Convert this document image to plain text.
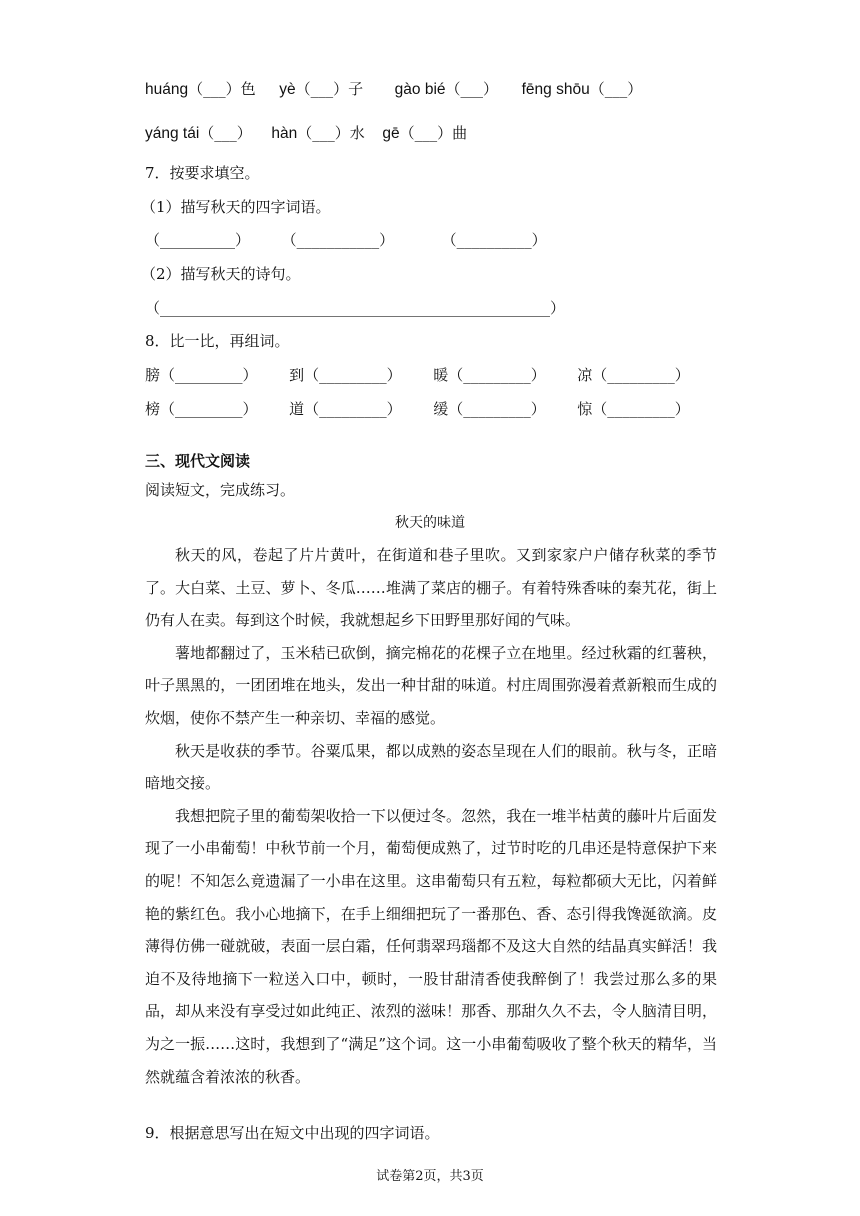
huáng（___）色 yè（___）子 gào bié（___） fēng shōu（___）
yáng tái（___） hàn（___）水 gē（___）曲
7．按要求填空。
（1）描写秋天的四字词语。
（__________） （___________）	（__________）
（2）描写秋天的诗句。
（____________________________________________________）
8．比一比，再组词。
膀（_________） 到（_________） 暖（_________） 凉（_________）
榜（_________） 道（_________） 缓（_________） 惊（_________）
三、现代文阅读
阅读短文，完成练习。
秋天的味道

秋天的风，卷起了片片黄叶，在街道和巷子里吹。又到家家户户储存秋菜的季节了。大白菜、土豆、萝卜、冬瓜……堆满了菜店的棚子。有着特殊香味的秦艽花，街上仍有人在卖。每到这个时候，我就想起乡下田野里那好闻的气味。

薯地都翻过了，玉米秸已砍倒，摘完棉花的花棵子立在地里。经过秋霜的红薯秧，叶子黑黑的，一团团堆在地头，发出一种甘甜的味道。村庄周围弥漫着煮新粮而生成的炊烟，使你不禁产生一种亲切、幸福的感觉。

秋天是收获的季节。谷粟瓜果，都以成熟的姿态呈现在人们的眼前。秋与冬，正暗暗地交接。

我想把院子里的葡萄架收拾一下以便过冬。忽然，我在一堆半枯黄的藤叶片后面发现了一小串葡萄！中秋节前一个月，葡萄便成熟了，过节时吃的几串还是特意保护下来的呢！不知怎么竟遗漏了一小串在这里。这串葡萄只有五粒，每粒都硕大无比，闪着鲜艳的紫红色。我小心地摘下，在手上细细把玩了一番那色、香、态引得我馋涎欲滴。皮薄得仿佛一碰就破，表面一层白霜，任何翡翠玛瑙都不及这大自然的结晶真实鲜活！我迫不及待地摘下一粒送入口中，顿时，一股甘甜清香使我醉倒了！我尝过那么多的果品，却从来没有享受过如此纯正、浓烈的滋味！那香、那甜久久不去，令人脑清目明，为之一振……这时，我想到了“满足”这个词。这一小串葡萄吸收了整个秋天的精华，当然就蕴含着浓浓的秋香。

9．根据意思写出在短文中出现的四字词语。
试卷第2页，共3页
